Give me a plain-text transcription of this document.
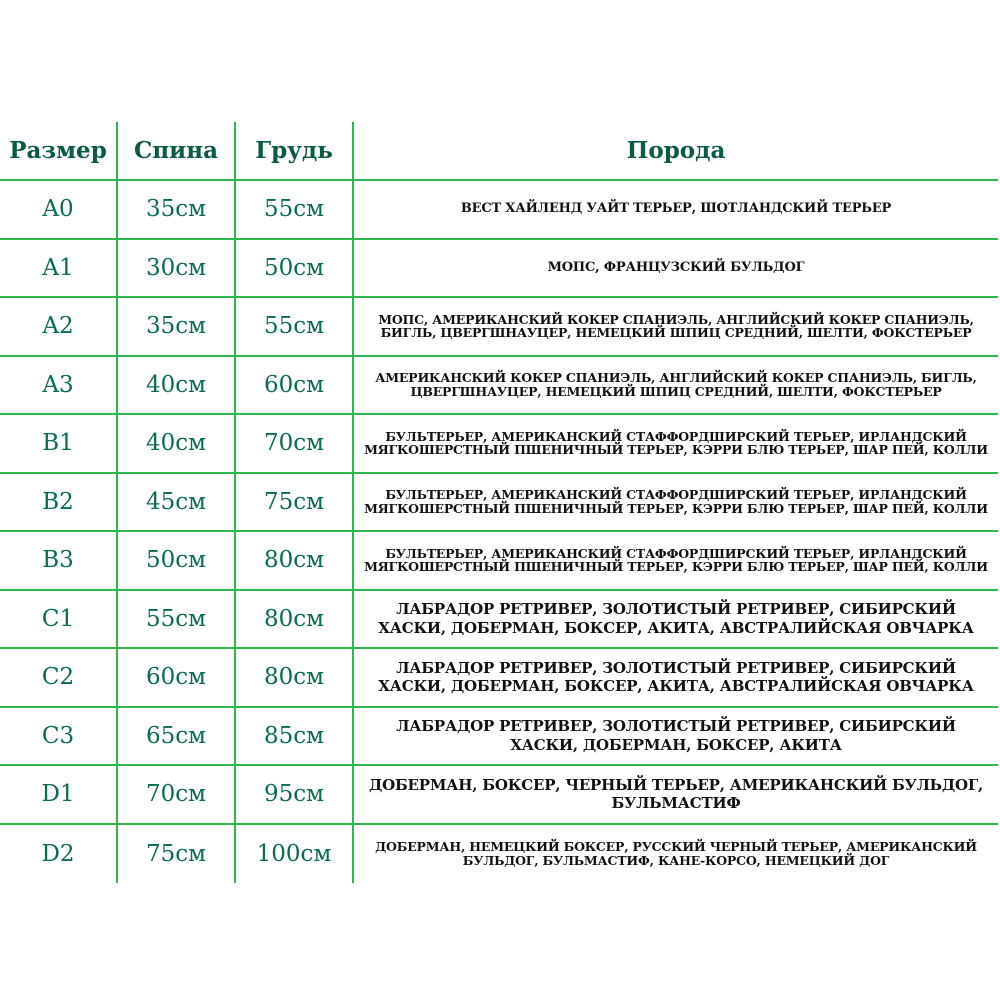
Размер	Спина	Грудь	Порода
A0	35см	55см	ВЕСТ ХАЙЛЕНД УАЙТ ТЕРЬЕР, ШОТЛАНДСКИЙ ТЕРЬЕР
A1	30см	50см	МОПС, ФРАНЦУЗСКИЙ БУЛЬДОГ
A2	35см	55см	МОПС, АМЕРИКАНСКИЙ КОКЕР СПАНИЭЛЬ, АНГЛИЙСКИЙ КОКЕР СПАНИЭЛЬ, БИГЛЬ, ЦВЕРГШНАУЦЕР, НЕМЕЦКИЙ ШПИЦ СРЕДНИЙ, ШЕЛТИ, ФОКСТЕРЬЕР
A3	40см	60см	АМЕРИКАНСКИЙ КОКЕР СПАНИЭЛЬ, АНГЛИЙСКИЙ КОКЕР СПАНИЭЛЬ, БИГЛЬ, ЦВЕРГШНАУЦЕР, НЕМЕЦКИЙ ШПИЦ СРЕДНИЙ, ШЕЛТИ, ФОКСТЕРЬЕР
B1	40см	70см	БУЛЬТЕРЬЕР, АМЕРИКАНСКИЙ СТАФФОРДШИРСКИЙ ТЕРЬЕР, ИРЛАНДСКИЙ МЯГКОШЕРСТНЫЙ ПШЕНИЧНЫЙ ТЕРЬЕР, КЭРРИ БЛЮ ТЕРЬЕР, ШАР ПЕЙ, КОЛЛИ
B2	45см	75см	БУЛЬТЕРЬЕР, АМЕРИКАНСКИЙ СТАФФОРДШИРСКИЙ ТЕРЬЕР, ИРЛАНДСКИЙ МЯГКОШЕРСТНЫЙ ПШЕНИЧНЫЙ ТЕРЬЕР, КЭРРИ БЛЮ ТЕРЬЕР, ШАР ПЕЙ, КОЛЛИ
B3	50см	80см	БУЛЬТЕРЬЕР, АМЕРИКАНСКИЙ СТАФФОРДШИРСКИЙ ТЕРЬЕР, ИРЛАНДСКИЙ МЯГКОШЕРСТНЫЙ ПШЕНИЧНЫЙ ТЕРЬЕР, КЭРРИ БЛЮ ТЕРЬЕР, ШАР ПЕЙ, КОЛЛИ
C1	55см	80см	ЛАБРАДОР РЕТРИВЕР, ЗОЛОТИСТЫЙ РЕТРИВЕР, СИБИРСКИЙ ХАСКИ, ДОБЕРМАН, БОКСЕР, АКИТА, АВСТРАЛИЙСКАЯ ОВЧАРКА
C2	60см	80см	ЛАБРАДОР РЕТРИВЕР, ЗОЛОТИСТЫЙ РЕТРИВЕР, СИБИРСКИЙ ХАСКИ, ДОБЕРМАН, БОКСЕР, АКИТА, АВСТРАЛИЙСКАЯ ОВЧАРКА
C3	65см	85см	ЛАБРАДОР РЕТРИВЕР, ЗОЛОТИСТЫЙ РЕТРИВЕР, СИБИРСКИЙ ХАСКИ, ДОБЕРМАН, БОКСЕР, АКИТА
D1	70см	95см	ДОБЕРМАН, БОКСЕР, ЧЕРНЫЙ ТЕРЬЕР, АМЕРИКАНСКИЙ БУЛЬДОГ, БУЛЬМАСТИФ
D2	75см	100см	ДОБЕРМАН, НЕМЕЦКИЙ БОКСЕР, РУССКИЙ ЧЕРНЫЙ ТЕРЬЕР, АМЕРИКАНСКИЙ БУЛЬДОГ, БУЛЬМАСТИФ, КАНЕ-КОРСО, НЕМЕЦКИЙ ДОГ
